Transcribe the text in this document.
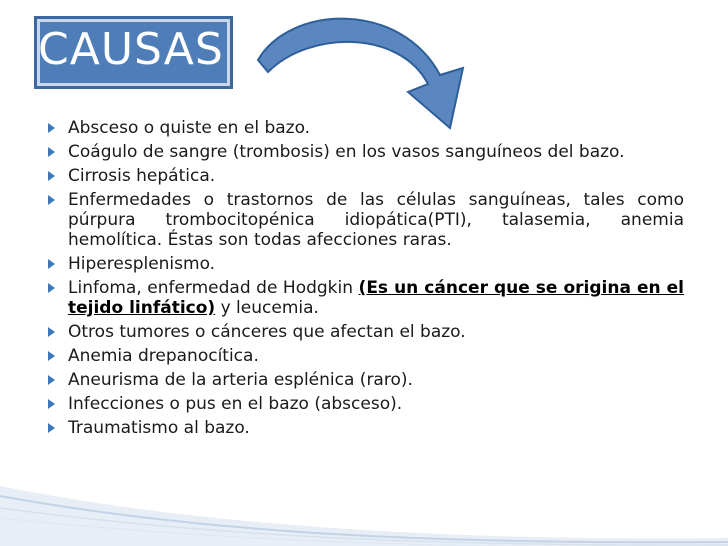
CAUSAS
Absceso o quiste en el bazo.
Coágulo de sangre (trombosis) en los vasos sanguíneos del bazo.
Cirrosis hepática.
Enfermedades o trastornos de las células sanguíneas, tales como púrpura trombocitopénica idiopática(PTI), talasemia, anemia hemolítica. Éstas son todas afecciones raras.
Hiperesplenismo.
Linfoma, enfermedad de Hodgkin (Es un cáncer que se origina en el tejido linfático) y leucemia.
Otros tumores o cánceres que afectan el bazo.
Anemia drepanocítica.
Aneurisma de la arteria esplénica (raro).
Infecciones o pus en el bazo (absceso).
Traumatismo al bazo.
